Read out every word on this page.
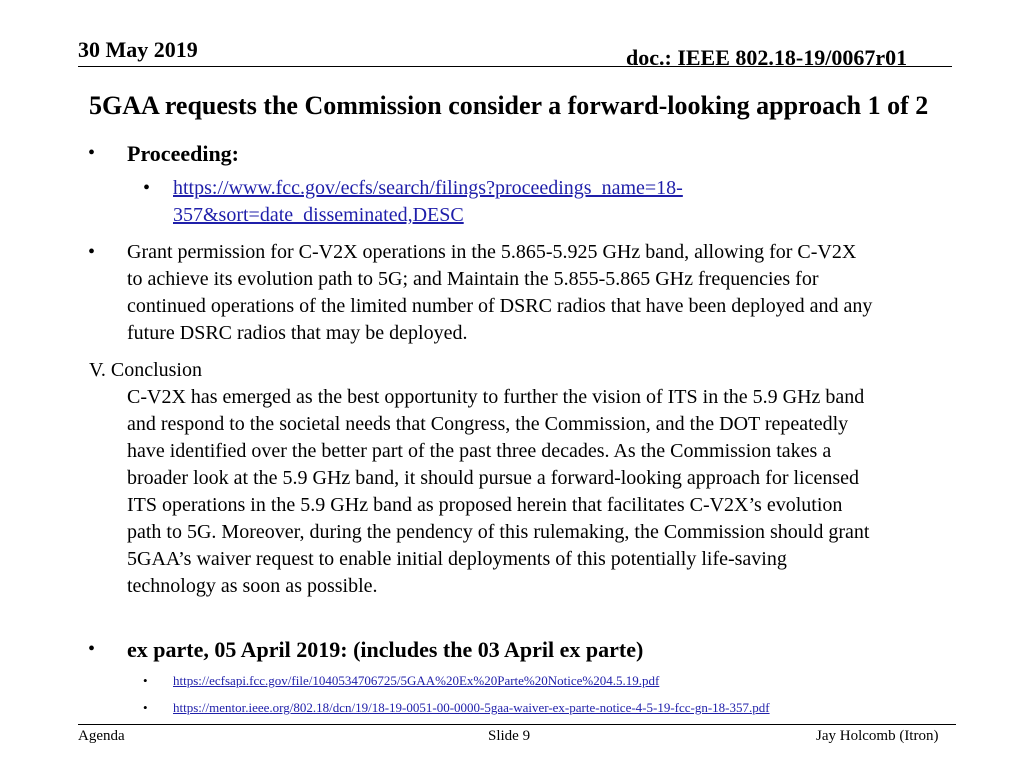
30 May 2019	doc.: IEEE 802.18-19/0067r01
5GAA requests the Commission consider a forward-looking approach 1 of 2
• Proceeding:
• https://www.fcc.gov/ecfs/search/filings?proceedings_name=18-
357&sort=date_disseminated,DESC
• Grant permission for C-V2X operations in the 5.865-5.925 GHz band, allowing for C-V2X
to achieve its evolution path to 5G; and Maintain the 5.855-5.865 GHz frequencies for
continued operations of the limited number of DSRC radios that have been deployed and any
future DSRC radios that may be deployed.
V. Conclusion
C-V2X has emerged as the best opportunity to further the vision of ITS in the 5.9 GHz band
and respond to the societal needs that Congress, the Commission, and the DOT repeatedly
have identified over the better part of the past three decades. As the Commission takes a
broader look at the 5.9 GHz band, it should pursue a forward-looking approach for licensed
ITS operations in the 5.9 GHz band as proposed herein that facilitates C-V2X’s evolution
path to 5G. Moreover, during the pendency of this rulemaking, the Commission should grant
5GAA’s waiver request to enable initial deployments of this potentially life-saving
technology as soon as possible.
• ex parte, 05 April 2019: (includes the 03 April ex parte)
• https://ecfsapi.fcc.gov/file/1040534706725/5GAA%20Ex%20Parte%20Notice%204.5.19.pdf
• https://mentor.ieee.org/802.18/dcn/19/18-19-0051-00-0000-5gaa-waiver-ex-parte-notice-4-5-19-fcc-gn-18-357.pdf
Agenda	Slide 9	Jay Holcomb (Itron)
